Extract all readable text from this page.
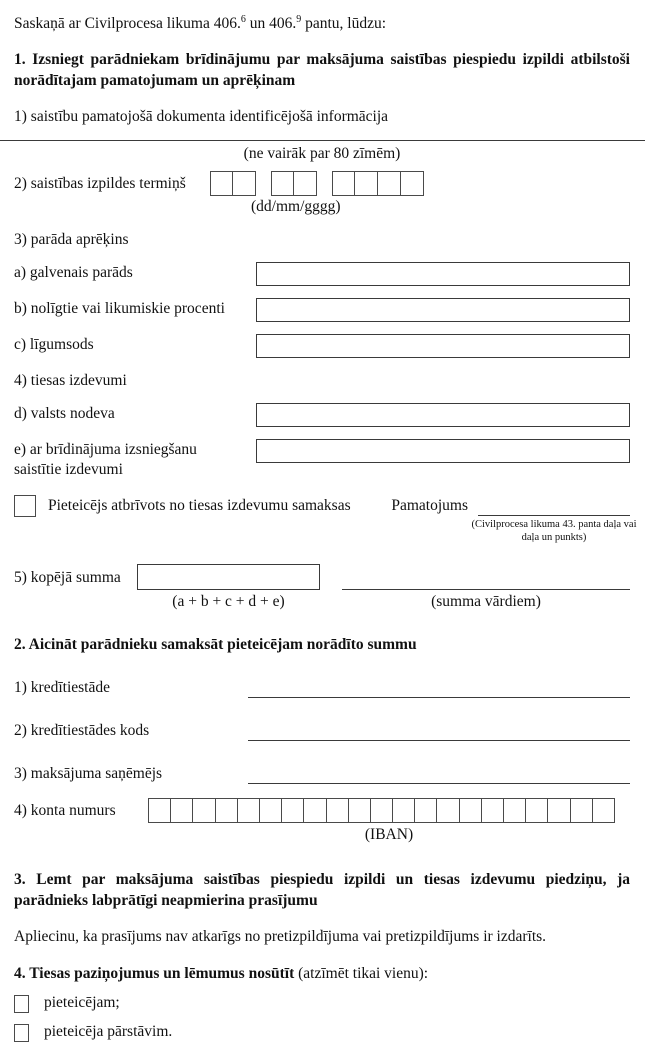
Saskaņā ar Civilprocesa likuma 406.$^6$ un 406.$^9$ pantu, lūdzu:

1. Izsniegt parādniekam brīdinājumu par maksājuma saistības piespiedu izpildi atbilstoši norādītajam pamatojumam un aprēķinam

1) saistību pamatojošā dokumenta identificējošā informācija

(ne vairāk par 80 zīmēm)

2) saistības izpildes termiņš

(dd/mm/gggg)

3) parāda aprēķins

a) galvenais parāds
b) nolīgtie vai likumiskie procenti
c) līgumsods

4) tiesas izdevumi

d) valsts nodeva
e) ar brīdinājuma izsniegšanu
saistītie izdevumi
Pieteicējs atbrīvots no tiesas izdevumu samaksas	Pamatojums
(Civilprocesa likuma 43. panta daļa vai daļa un punkts)
5) kopējā summa
(a + b + c + d + e)	(summa vārdiem)

2. Aicināt parādnieku samaksāt pieteicējam norādīto summu

1) kredītiestāde
2) kredītiestādes kods
3) maksājuma saņēmējs
4) konta numurs

(IBAN)

3. Lemt par maksājuma saistības piespiedu izpildi un tiesas izdevumu piedziņu, ja parādnieks labprātīgi neapmierina prasījumu

Apliecinu, ka prasījums nav atkarīgs no pretizpildījuma vai pretizpildījums ir izdarīts.

4. Tiesas paziņojumus un lēmumus nosūtīt (atzīmēt tikai vienu):

pieteicējam;
pieteicēja pārstāvim.
